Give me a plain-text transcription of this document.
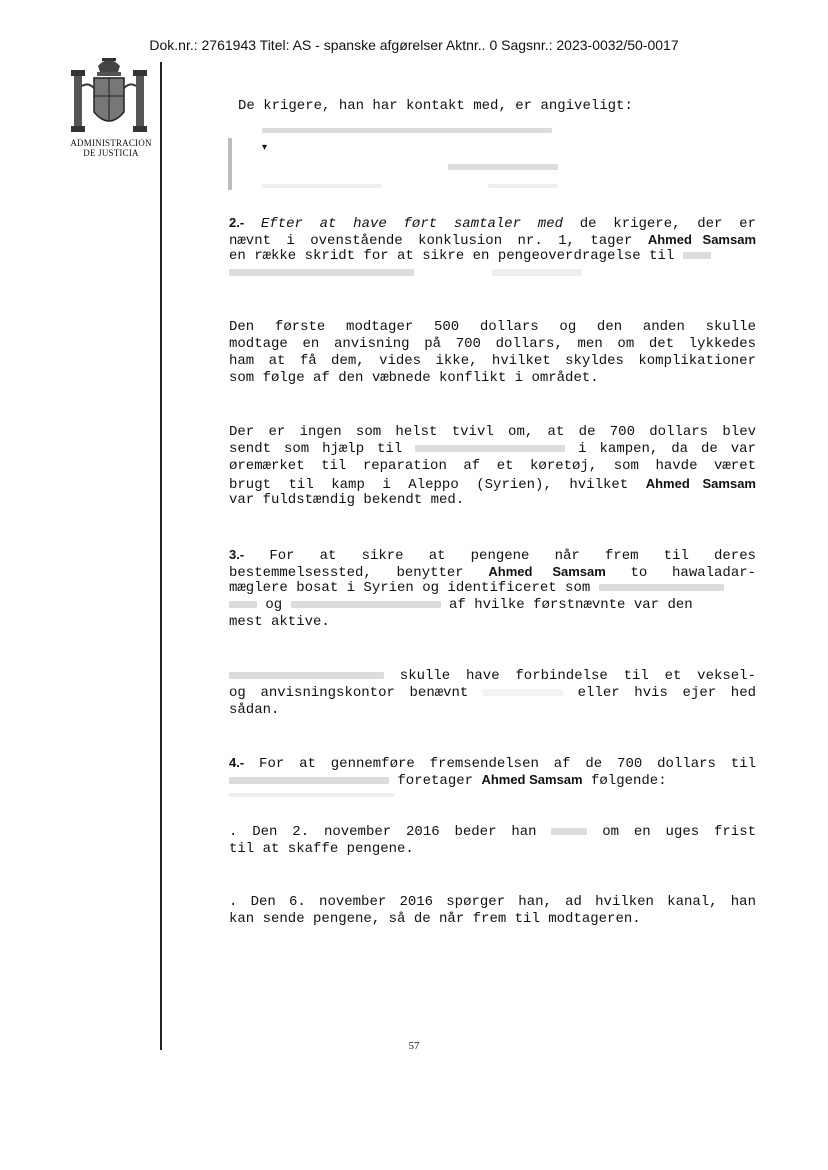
Dok.nr.: 2761943 Titel: AS - spanske afgørelser Aktnr.. 0 Sagsnr.: 2023-0032/50-0017
ADMINISTRACION
DE JUSTICIA
De krigere, han har kontakt med, er angiveligt:
▾
2.- Efter at have ført samtaler med de krigere, der er
nævnt i ovenstående konklusion nr. 1, tager Ahmed Samsam
en række skridt for at sikre en pengeoverdragelse til

Den første modtager 500 dollars og den anden skulle
modtage en anvisning på 700 dollars, men om det lykkedes
ham at få dem, vides ikke, hvilket skyldes komplikationer
som følge af den væbnede konflikt i området.
Der er ingen som helst tvivl om, at de 700 dollars blev
sendt som hjælp til	i kampen, da de var
øremærket til reparation af et køretøj, som havde været
brugt til kamp i Aleppo (Syrien), hvilket Ahmed Samsam
var fuldstændig bekendt med.
3.- For at sikre at pengene når frem til deres
bestemmelsessted, benytter Ahmed Samsam to hawaladar-
mæglere bosat i Syrien og identificeret som
og	af hvilke førstnævnte var den
mest aktive.
skulle have forbindelse til et veksel-
og anvisningskontor benævnt	eller hvis ejer hed
sådan.
4.- For at gennemføre fremsendelsen af de 700 dollars til
foretager Ahmed Samsam følgende:
. Den 2. november 2016 beder han	om en uges frist
til at skaffe pengene.
. Den 6. november 2016 spørger han, ad hvilken kanal, han
kan sende pengene, så de når frem til modtageren.
57
